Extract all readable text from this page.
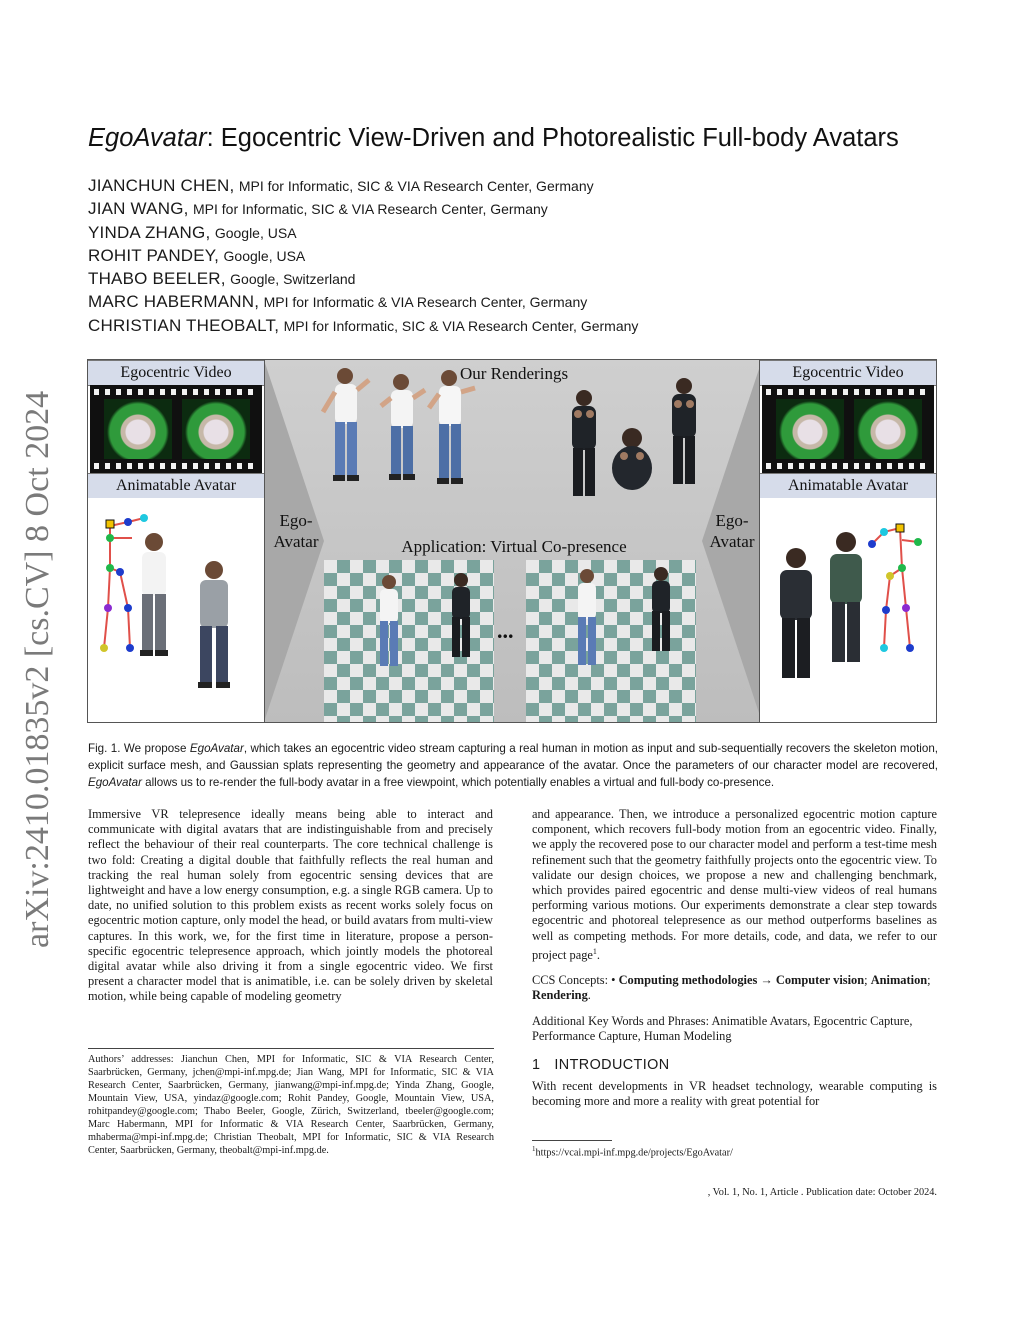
arXiv:2410.01835v2 [cs.CV] 8 Oct 2024
EgoAvatar: Egocentric View-Driven and Photorealistic Full-body Avatars
JIANCHUN CHEN, MPI for Informatic, SIC & VIA Research Center, Germany
JIAN WANG, MPI for Informatic, SIC & VIA Research Center, Germany
YINDA ZHANG, Google, USA
ROHIT PANDEY, Google, USA
THABO BEELER, Google, Switzerland
MARC HABERMANN, MPI for Informatic & VIA Research Center, Germany
CHRISTIAN THEOBALT, MPI for Informatic, SIC & VIA Research Center, Germany
Our Renderings
Ego-
Avatar
Ego-
Avatar
Application: Virtual Co-presence
...
Egocentric Video
Animatable Avatar
Egocentric Video
Animatable Avatar
Fig. 1. We propose EgoAvatar, which takes an egocentric video stream capturing a real human in motion as input and sub-sequentially recovers the skeleton motion, explicit surface mesh, and Gaussian splats representing the geometry and appearance of the avatar. Once the parameters of our character model are recovered, EgoAvatar allows us to re-render the full-body avatar in a free viewpoint, which potentially enables a virtual and full-body co-presence.

Immersive VR telepresence ideally means being able to interact and communicate with digital avatars that are indistinguishable from and precisely reflect the behaviour of their real counterparts. The core technical challenge is two fold: Creating a digital double that faithfully reflects the real human and tracking the real human solely from egocentric sensing devices that are lightweight and have a low energy consumption, e.g. a single RGB camera. Up to date, no unified solution to this problem exists as recent works solely focus on egocentric motion capture, only model the head, or build avatars from multi-view captures. In this work, we, for the first time in literature, propose a person-specific egocentric telepresence approach, which jointly models the photoreal digital avatar while also driving it from a single egocentric video. We first present a character model that is animatible, i.e. can be solely driven by skeletal motion, while being capable of modeling geometry

and appearance. Then, we introduce a personalized egocentric motion capture component, which recovers full-body motion from an egocentric video. Finally, we apply the recovered pose to our character model and perform a test-time mesh refinement such that the geometry faithfully projects onto the egocentric view. To validate our design choices, we propose a new and challenging benchmark, which provides paired egocentric and dense multi-view videos of real humans performing various motions. Our experiments demonstrate a clear step towards egocentric and photoreal telepresence as our method outperforms baselines as well as competing methods. For more details, code, and data, we refer to our project page$^1$.

CCS Concepts: • Computing methodologies → Computer vision; Animation; Rendering.

Additional Key Words and Phrases: Animatible Avatars, Egocentric Capture, Performance Capture, Human Modeling

1 INTRODUCTION

With recent developments in VR headset technology, wearable computing is becoming more and more a reality with great potential for

Authors’ addresses: Jianchun Chen, MPI for Informatic, SIC & VIA Research Center, Saarbrücken, Germany, jchen@mpi-inf.mpg.de; Jian Wang, MPI for Informatic, SIC & VIA Research Center, Saarbrücken, Germany, jianwang@mpi-inf.mpg.de; Yinda Zhang, Google, Mountain View, USA, yindaz@google.com; Rohit Pandey, Google, Mountain View, USA, rohitpandey@google.com; Thabo Beeler, Google, Zürich, Switzerland, tbeeler@google.com; Marc Habermann, MPI for Informatic & VIA Research Center, Saarbrücken, Germany, mhaberma@mpi-inf.mpg.de; Christian Theobalt, MPI for Informatic, SIC & VIA Research Center, Saarbrücken, Germany, theobalt@mpi-inf.mpg.de.	$^1$https://vcai.mpi-inf.mpg.de/projects/EgoAvatar/
, Vol. 1, No. 1, Article . Publication date: October 2024.
